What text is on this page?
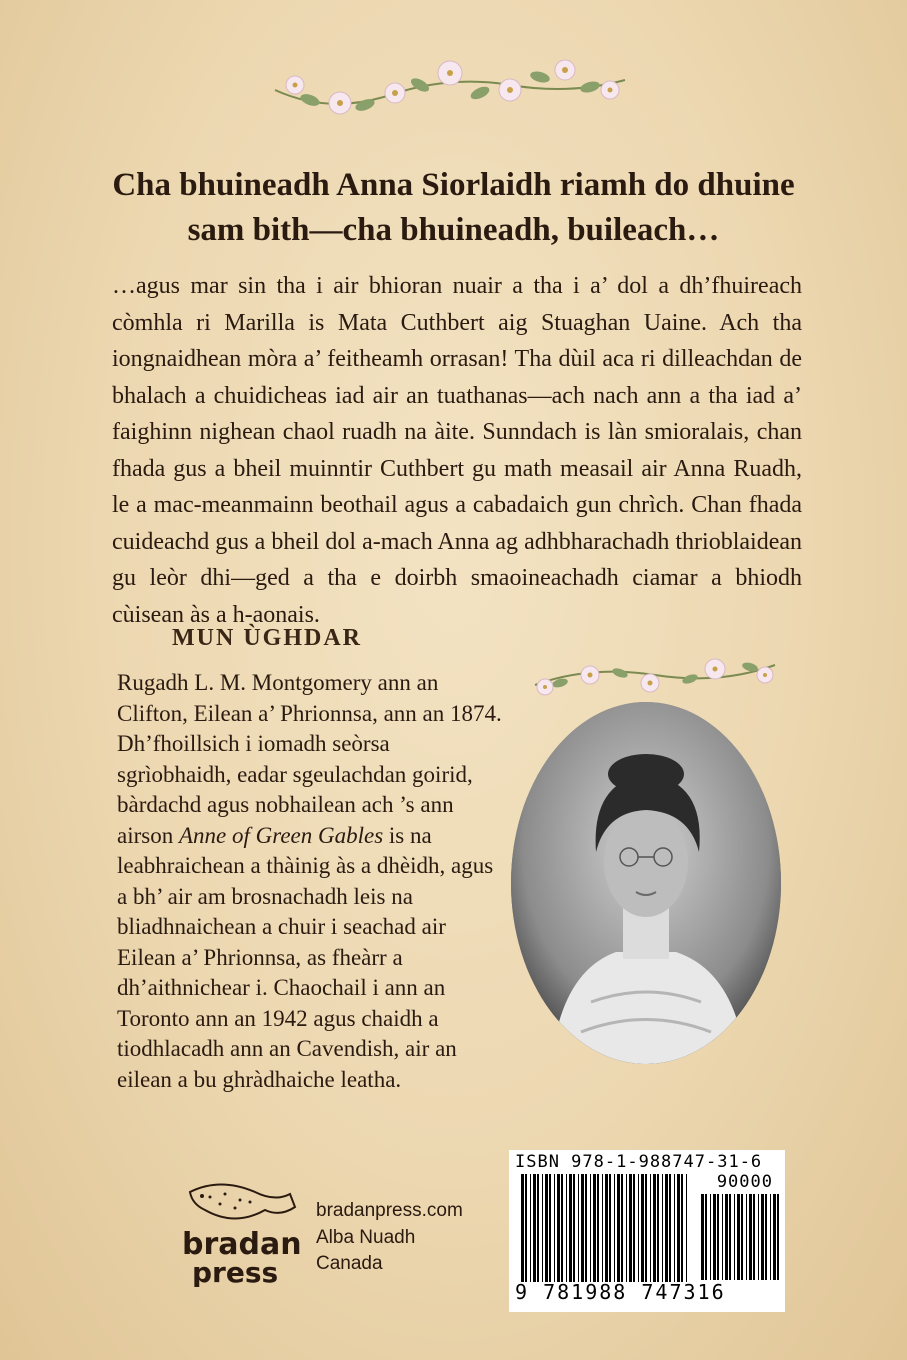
Cha bhuineadh Anna Siorlaidh riamh do dhuine sam bith—cha bhuineadh, buileach…
…agus mar sin tha i air bhioran nuair a tha i a’ dol a dh’fhuireach còmhla ri Marilla is Mata Cuthbert aig Stuaghan Uaine. Ach tha iongnaidhean mòra a’ feitheamh orrasan! Tha dùil aca ri dilleachdan de bhalach a chuidicheas iad air an tuathanas—ach nach ann a tha iad a’ faighinn nighean chaol ruadh na àite. Sunndach is làn smioralais, chan fhada gus a bheil muinntir Cuthbert gu math measail air Anna Ruadh, le a mac-meanmainn beothail agus a cabadaich gun chrìch. Chan fhada cuideachd gus a bheil dol a-mach Anna ag adhbharachadh thrioblaidean gu leòr dhi—ged a tha e doirbh smaoineachadh ciamar a bhiodh cùisean às a h-aonais.
MUN ÙGHDAR
Rugadh L. M. Montgomery ann an Clifton, Eilean a’ Phrionnsa, ann an 1874. Dh’fhoillsich i iomadh seòrsa sgrìobhaidh, eadar sgeulachdan goirid, bàrdachd agus nobhailean ach ’s ann airson Anne of Green Gables is na leabhraichean a thàinig às a dhèidh, agus a bh’ air am brosnachadh leis na bliadhnaichean a chuir i seachad air Eilean a’ Phrionnsa, as fheàrr a dh’aithnichear i. Chaochail i ann an Toronto ann an 1942 agus chaidh a tiodhlacadh ann an Cavendish, air an eilean a bu ghràdhaiche leatha.
bradan
press
bradanpress.com
Alba Nuadh
Canada
ISBN 978-1-988747-31-6
90000
9 781988 747316
